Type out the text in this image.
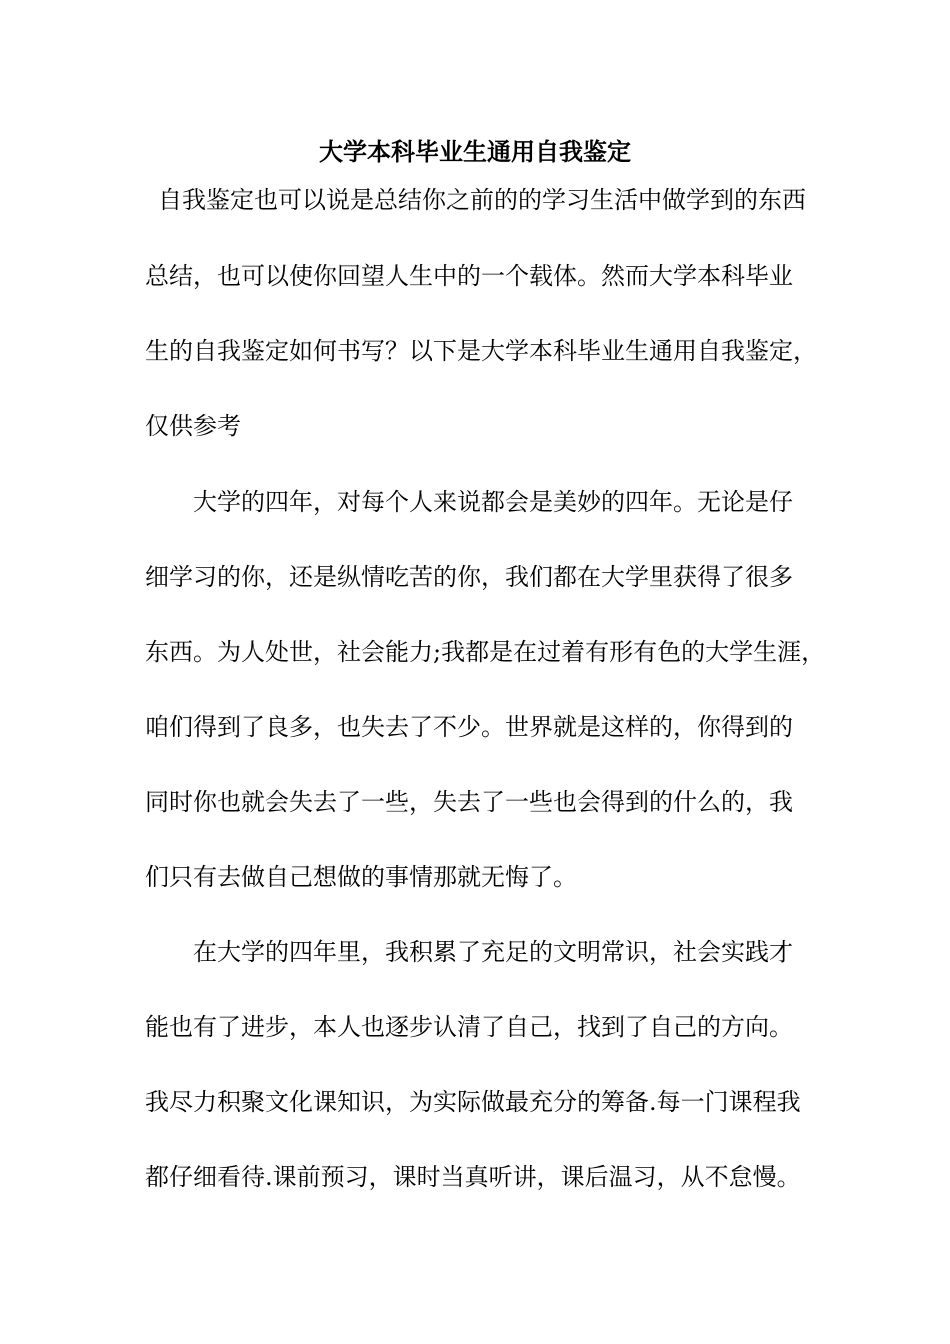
大学本科毕业生通用自我鉴定
自我鉴定也可以说是总结你之前的的学习生活中做学到的东西
总结，也可以使你回望人生中的一个载体。然而大学本科毕业
生的自我鉴定如何书写？以下是大学本科毕业生通用自我鉴定，
仅供参考
大学的四年，对每个人来说都会是美妙的四年。无论是仔
细学习的你，还是纵情吃苦的你，我们都在大学里获得了很多
东西。为人处世，社会能力;我都是在过着有形有色的大学生涯，
咱们得到了良多，也失去了不少。世界就是这样的，你得到的
同时你也就会失去了一些，失去了一些也会得到的什么的，我
们只有去做自己想做的事情那就无悔了。
在大学的四年里，我积累了充足的文明常识，社会实践才
能也有了进步，本人也逐步认清了自己，找到了自己的方向。
我尽力积聚文化课知识，为实际做最充分的筹备.每一门课程我
都仔细看待.课前预习，课时当真听讲，课后温习，从不怠慢。
